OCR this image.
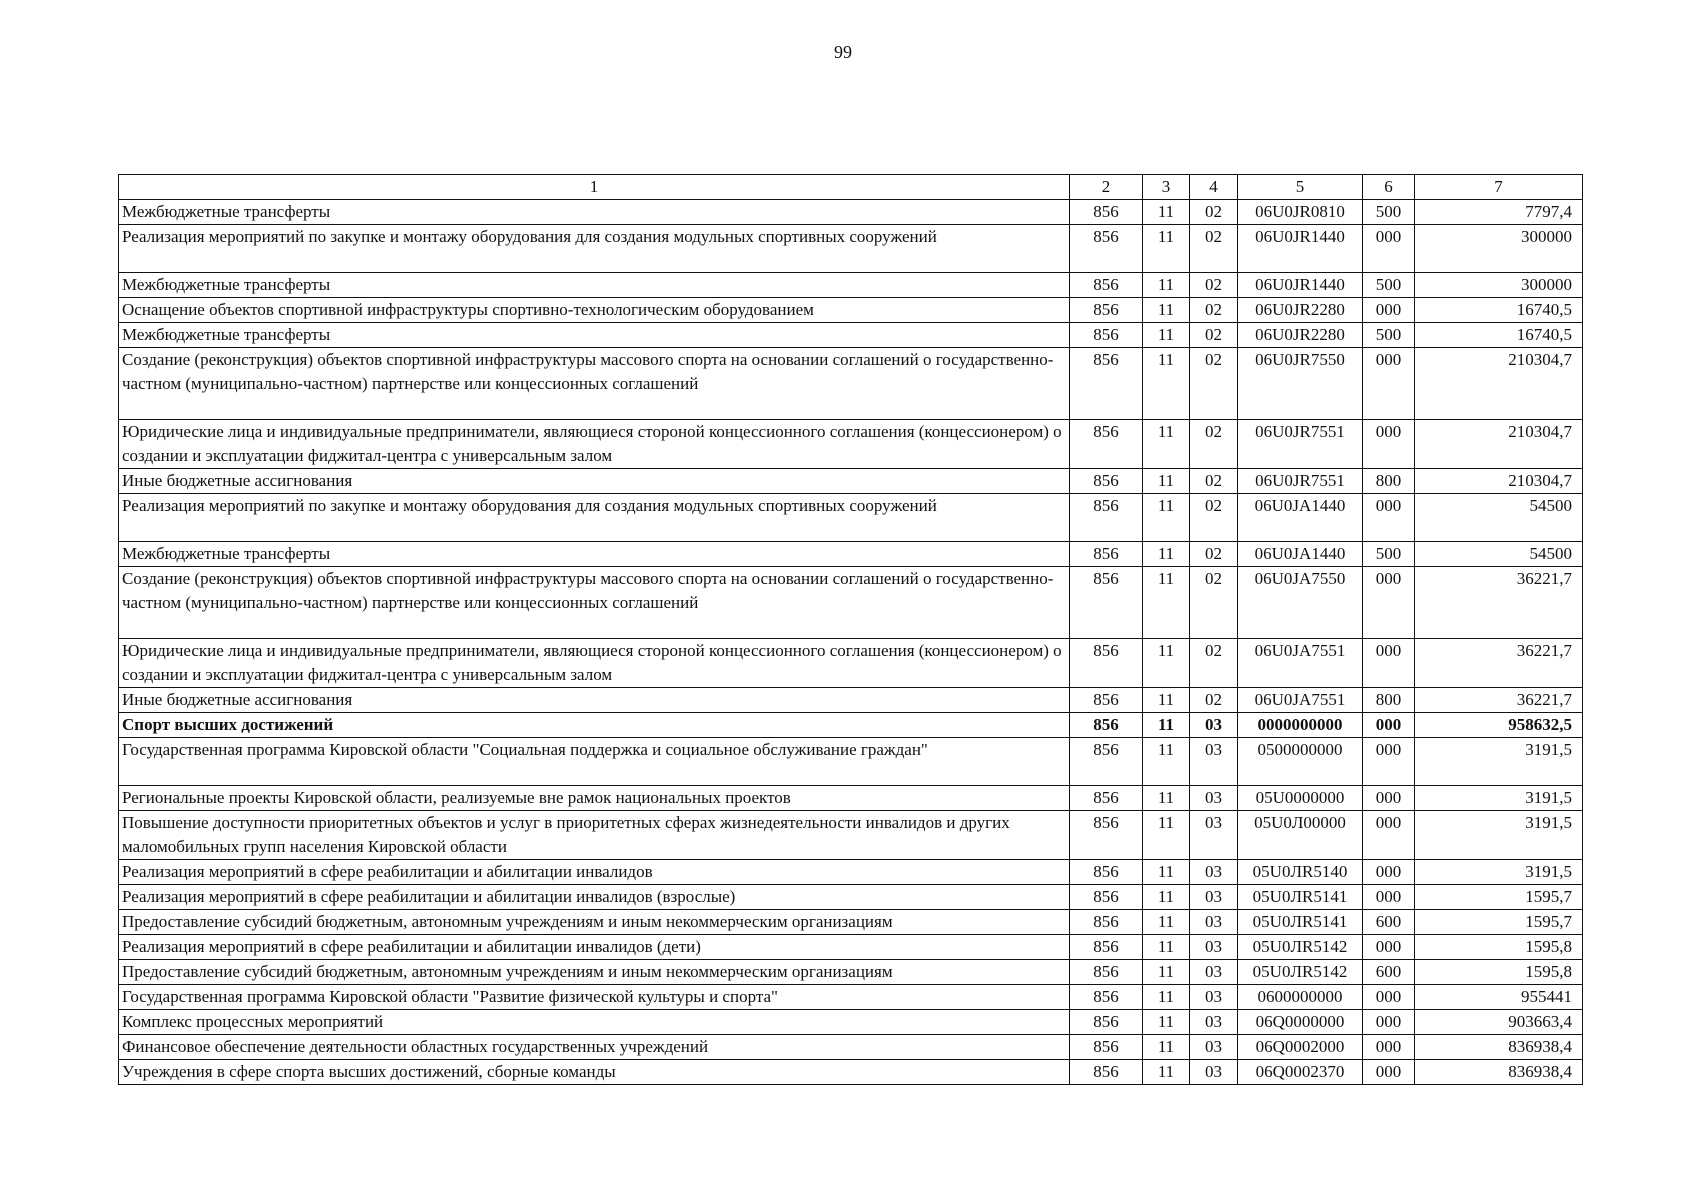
99
1	2	3	4	5	6	7
Межбюджетные трансферты	856	11	02	06U0JR0810	500	7797,4
Реализация мероприятий по закупке и монтажу оборудования для создания модульных спортивных сооружений	856	11	02	06U0JR1440	000	300000
Межбюджетные трансферты	856	11	02	06U0JR1440	500	300000
Оснащение объектов спортивной инфраструктуры спортивно-технологическим оборудованием	856	11	02	06U0JR2280	000	16740,5
Межбюджетные трансферты	856	11	02	06U0JR2280	500	16740,5
Создание (реконструкция) объектов спортивной инфраструктуры массового спорта на основании соглашений о государственно-частном (муниципально-частном) партнерстве или концессионных соглашений	856	11	02	06U0JR7550	000	210304,7
Юридические лица и индивидуальные предприниматели, являющиеся стороной концессионного соглашения (концессионером) о создании и эксплуатации фиджитал-центра с универсальным залом	856	11	02	06U0JR7551	000	210304,7
Иные бюджетные ассигнования	856	11	02	06U0JR7551	800	210304,7
Реализация мероприятий по закупке и монтажу оборудования для создания модульных спортивных сооружений	856	11	02	06U0JA1440	000	54500
Межбюджетные трансферты	856	11	02	06U0JA1440	500	54500
Создание (реконструкция) объектов спортивной инфраструктуры массового спорта на основании соглашений о государственно-частном (муниципально-частном) партнерстве или концессионных соглашений	856	11	02	06U0JA7550	000	36221,7
Юридические лица и индивидуальные предприниматели, являющиеся стороной концессионного соглашения (концессионером) о создании и эксплуатации фиджитал-центра с универсальным залом	856	11	02	06U0JA7551	000	36221,7
Иные бюджетные ассигнования	856	11	02	06U0JA7551	800	36221,7
Спорт высших достижений	856	11	03	0000000000	000	958632,5
Государственная программа Кировской области "Социальная поддержка и социальное обслуживание граждан"	856	11	03	0500000000	000	3191,5
Региональные проекты Кировской области, реализуемые вне рамок национальных проектов	856	11	03	05U0000000	000	3191,5
Повышение доступности приоритетных объектов и услуг в приоритетных сферах жизнедеятельности инвалидов и других маломобильных групп населения Кировской области	856	11	03	05U0Л00000	000	3191,5
Реализация мероприятий в сфере реабилитации и абилитации инвалидов	856	11	03	05U0ЛR5140	000	3191,5
Реализация мероприятий в сфере реабилитации и абилитации инвалидов (взрослые)	856	11	03	05U0ЛR5141	000	1595,7
Предоставление субсидий бюджетным, автономным учреждениям и иным некоммерческим организациям	856	11	03	05U0ЛR5141	600	1595,7
Реализация мероприятий в сфере реабилитации и абилитации инвалидов (дети)	856	11	03	05U0ЛR5142	000	1595,8
Предоставление субсидий бюджетным, автономным учреждениям и иным некоммерческим организациям	856	11	03	05U0ЛR5142	600	1595,8
Государственная программа Кировской области "Развитие физической культуры и спорта"	856	11	03	0600000000	000	955441
Комплекс процессных мероприятий	856	11	03	06Q0000000	000	903663,4
Финансовое обеспечение деятельности областных государственных учреждений	856	11	03	06Q0002000	000	836938,4
Учреждения в сфере спорта высших достижений, сборные команды	856	11	03	06Q0002370	000	836938,4
